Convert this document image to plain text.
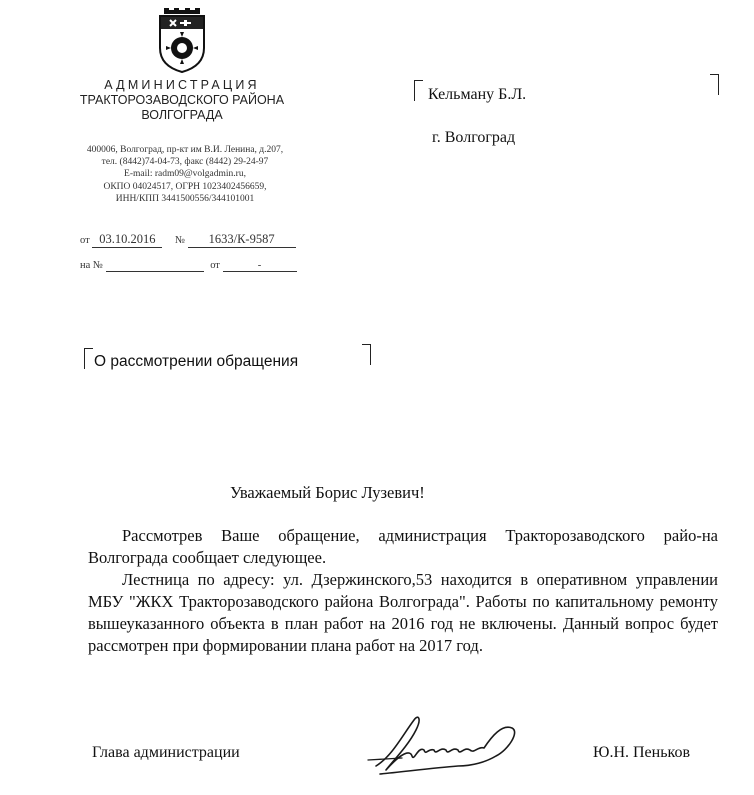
АДМИНИСТРАЦИЯ
ТРАКТОРОЗАВОДСКОГО РАЙОНА
ВОЛГОГРАДА
400006, Волгоград, пр-кт им В.И. Ленина, д.207,
тел. (8442)74-04-73, факс (8442) 29-24-97
E-mail: radm09@volgadmin.ru,
ОКПО 04024517, ОГРН 1023402456659,
ИНН/КПП 3441500556/344101001
от 03.10.2016 № 1633/К-9587
на №	от	-
Кельману Б.Л.
г. Волгоград
О рассмотрении обращения
Уважаемый Борис Лузевич!

Рассмотрев Ваше обращение, администрация Тракторозаводского райо-на Волгограда сообщает следующее.

Лестница по адресу: ул. Дзержинского,53 находится в оперативном управлении МБУ "ЖКХ Тракторозаводского района Волгограда". Работы по капитальному ремонту вышеуказанного объекта в план работ на 2016 год не включены. Данный вопрос будет рассмотрен при формировании плана работ на 2017 год.

Глава администрации	Ю.Н. Пеньков
